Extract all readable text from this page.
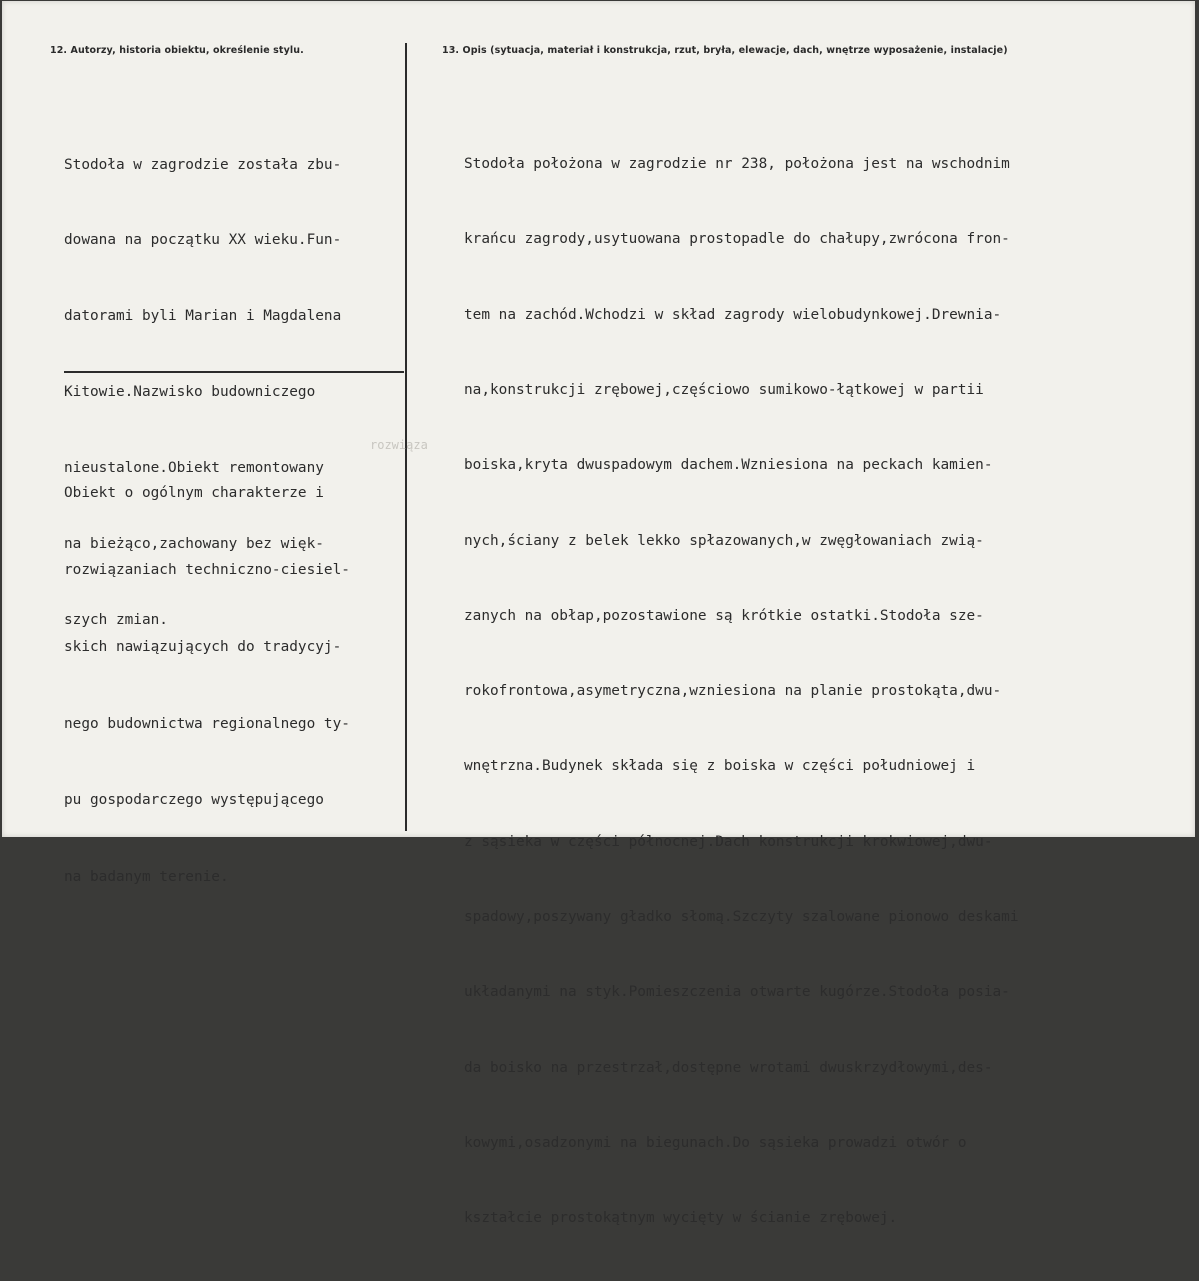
12. Autorzy, historia obiektu, określenie stylu.	13. Opis (sytuacja, materiał i konstrukcja, rzut, bryła, elewacje, dach, wnętrze wyposażenie, instalacje)

Stodoła w zagrodzie została zbu-

dowana na początku XX wieku.Fun-

datorami byli Marian i Magdalena

Kitowie.Nazwisko budowniczego

nieustalone.Obiekt remontowany

na bieżąco,zachowany bez więk-

szych zmian.

Obiekt o ogólnym charakterze i

rozwiązaniach techniczno-ciesiel-

skich nawiązujących do tradycyj-

nego budownictwa regionalnego ty-

pu gospodarczego występującego

na badanym terenie.

rozwiąza

Stodoła położona w zagrodzie nr 238, położona jest na wschodnim

krańcu zagrody,usytuowana prostopadle do chałupy,zwrócona fron-

tem na zachód.Wchodzi w skład zagrody wielobudynkowej.Drewnia-

na,konstrukcji zrębowej,częściowo sumikowo-łątkowej w partii

boiska,kryta dwuspadowym dachem.Wzniesiona na peckach kamien-

nych,ściany z belek lekko spłazowanych,w zwęgłowaniach zwią-

zanych na obłap,pozostawione są krótkie ostatki.Stodoła sze-

rokofrontowa,asymetryczna,wzniesiona na planie prostokąta,dwu-

wnętrzna.Budynek składa się z boiska w części południowej i

z sąsieka w części północnej.Dach konstrukcji krokwiowej,dwu-

spadowy,poszywany gładko słomą.Szczyty szalowane pionowo deskami

układanymi na styk.Pomieszczenia otwarte kugórze.Stodoła posia-

da boisko na przestrzał,dostępne wrotami dwuskrzydłowymi,des-

kowymi,osadzonymi na biegunach.Do sąsieka prowadzi otwór o

kształcie prostokątnym wycięty w ścianie zrębowej.
